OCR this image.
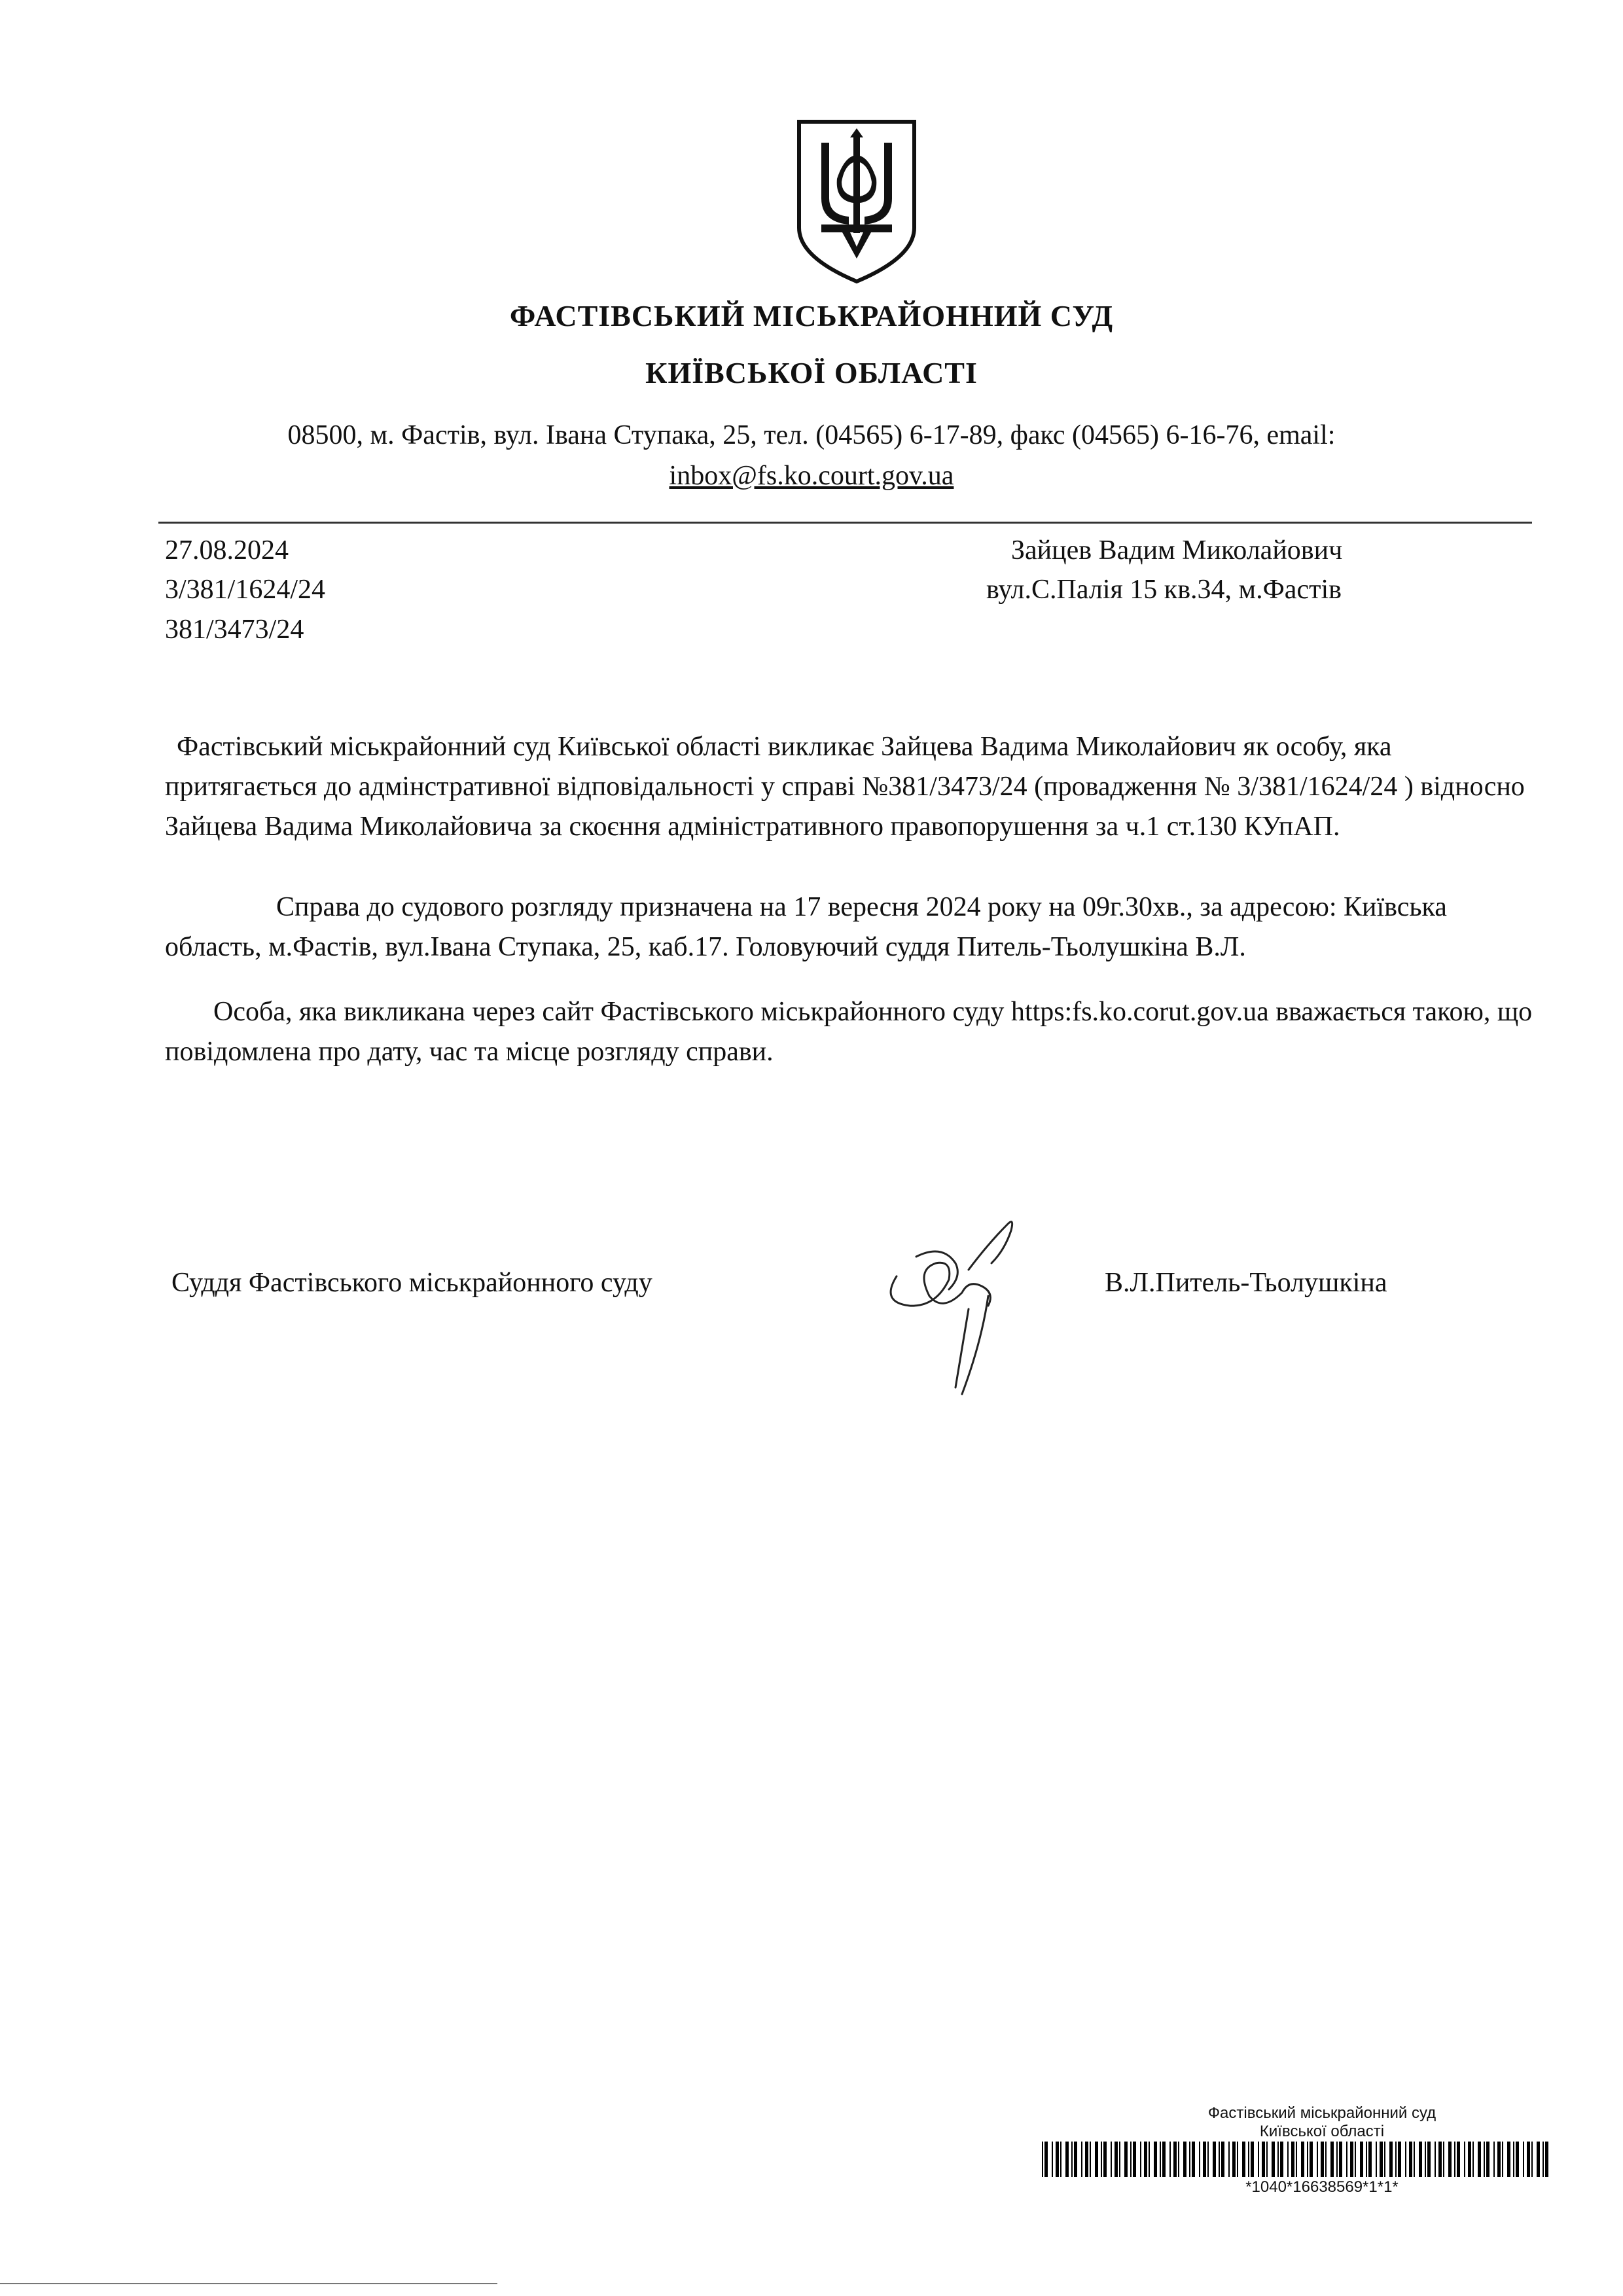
ФАСТІВСЬКИЙ МІСЬКРАЙОННИЙ СУД
КИЇВСЬКОЇ ОБЛАСТІ
08500, м. Фастів, вул. Івана Ступака, 25, тел. (04565) 6-17-89, факс (04565) 6-16-76, email:
inbox@fs.ko.court.gov.ua
27.08.2024
3/381/1624/24
381/3473/24
Зайцев Вадим Миколайович
вул.С.Палія 15 кв.34, м.Фастів
Фастівський міськрайонний суд Київської області викликає Зайцева Вадима Миколайович як особу, яка притягається до адмінстративної відповідальності у справі №381/3473/24 (провадження № 3/381/1624/24 ) відносно Зайцева Вадима Миколайовича за скоєння адміністративного правопорушення за ч.1 ст.130 КУпАП.
Справа до судового розгляду призначена на 17 вересня 2024 року на 09г.30хв., за адресою: Київська область, м.Фастів, вул.Івана Ступака, 25, каб.17. Головуючий суддя Питель-Тьолушкіна В.Л.
Особа, яка викликана через сайт Фастівського міськрайонного суду https:fs.ko.corut.gov.ua вважається такою, що повідомлена про дату, час та місце розгляду справи.
Суддя Фастівського міськрайонного суду	В.Л.Питель-Тьолушкіна
Фастівський міськрайонний суд
Київської області
*1040*16638569*1*1*
